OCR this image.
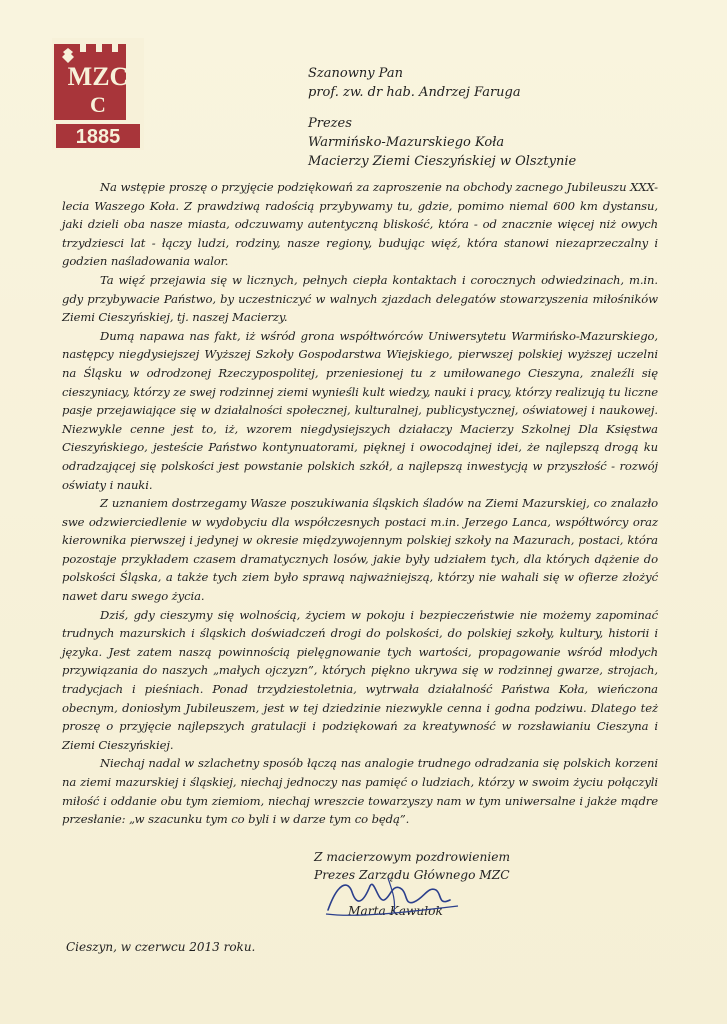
MZC
C
1885
Szanowny Pan
prof. zw. dr hab. Andrzej Faruga
Prezes
Warmińsko-Mazurskiego Koła
Macierzy Ziemi Cieszyńskiej w Olsztynie

Na wstępie proszę o przyjęcie podziękowań za zaproszenie na obchody zacnego Jubileuszu XXX-lecia Waszego Koła. Z prawdziwą radością przybywamy tu, gdzie, pomimo niemal 600 km dystansu, jaki dzieli oba nasze miasta, odczuwamy autentyczną bliskość, która - od znacznie więcej niż owych trzydziesci lat - łączy ludzi, rodziny, nasze regiony, budując więź, która stanowi niezaprzeczalny i godzien naśladowania walor.

Ta więź przejawia się w licznych, pełnych ciepła kontaktach i corocznych odwiedzinach, m.in. gdy przybywacie Państwo, by uczestniczyć w walnych zjazdach delegatów stowarzyszenia miłośników Ziemi Cieszyńskiej, tj. naszej Macierzy.

Dumą napawa nas fakt, iż wśród grona współtwórców Uniwersytetu Warmińsko-Mazurskiego, następcy niegdysiejszej Wyższej Szkoły Gospodarstwa Wiejskiego, pierwszej polskiej wyższej uczelni na Śląsku w odrodzonej Rzeczypospolitej, przeniesionej tu z umiłowanego Cieszyna, znaleźli się cieszyniacy, którzy ze swej rodzinnej ziemi wynieśli kult wiedzy, nauki i pracy, którzy realizują tu liczne pasje przejawiające się w działalności społecznej, kulturalnej, publicystycznej, oświatowej i naukowej. Niezwykle cenne jest to, iż, wzorem niegdysiejszych działaczy Macierzy Szkolnej Dla Księstwa Cieszyńskiego, jesteście Państwo kontynuatorami, pięknej i owocodajnej idei, że najlepszą drogą ku odradzającej się polskości jest powstanie polskich szkół, a najlepszą inwestycją w przyszłość - rozwój oświaty i nauki.

Z uznaniem dostrzegamy Wasze poszukiwania śląskich śladów na Ziemi Mazurskiej, co znalazło swe odzwierciedlenie w wydobyciu dla współczesnych postaci m.in. Jerzego Lanca, współtwórcy oraz kierownika pierwszej i jedynej w okresie międzywojennym polskiej szkoły na Mazurach, postaci, która pozostaje przykładem czasem dramatycznych losów, jakie były udziałem tych, dla których dążenie do polskości Śląska, a także tych ziem było sprawą najważniejszą, którzy nie wahali się w ofierze złożyć nawet daru swego życia.

Dziś, gdy cieszymy się wolnością, życiem w pokoju i bezpieczeństwie nie możemy zapominać trudnych mazurskich i śląskich doświadczeń drogi do polskości, do polskiej szkoły, kultury, historii i języka. Jest zatem naszą powinnością pielęgnowanie tych wartości, propagowanie wśród młodych przywiązania do naszych „małych ojczyzn”, których piękno ukrywa się w rodzinnej gwarze, strojach, tradycjach i pieśniach. Ponad trzydziestoletnia, wytrwała działalność Państwa Koła, wieńczona obecnym, doniosłym Jubileuszem, jest w tej dziedzinie niezwykle cenna i godna podziwu. Dlatego też proszę o przyjęcie najlepszych gratulacji i podziękowań za kreatywność w rozsławianiu Cieszyna i Ziemi Cieszyńskiej.

Niechaj nadal w szlachetny sposób łączą nas analogie trudnego odradzania się polskich korzeni na ziemi mazurskiej i śląskiej, niechaj jednoczy nas pamięć o ludziach, którzy w swoim życiu połączyli miłość i oddanie obu tym ziemiom, niechaj wreszcie towarzyszy nam w tym uniwersalne i jakże mądre przesłanie: „w szacunku tym co byli i w darze tym co będą”.

Z macierzowym pozdrowieniem
Prezes Zarządu Głównego MZC
Marta Kawulok
Cieszyn, w czerwcu 2013 roku.
